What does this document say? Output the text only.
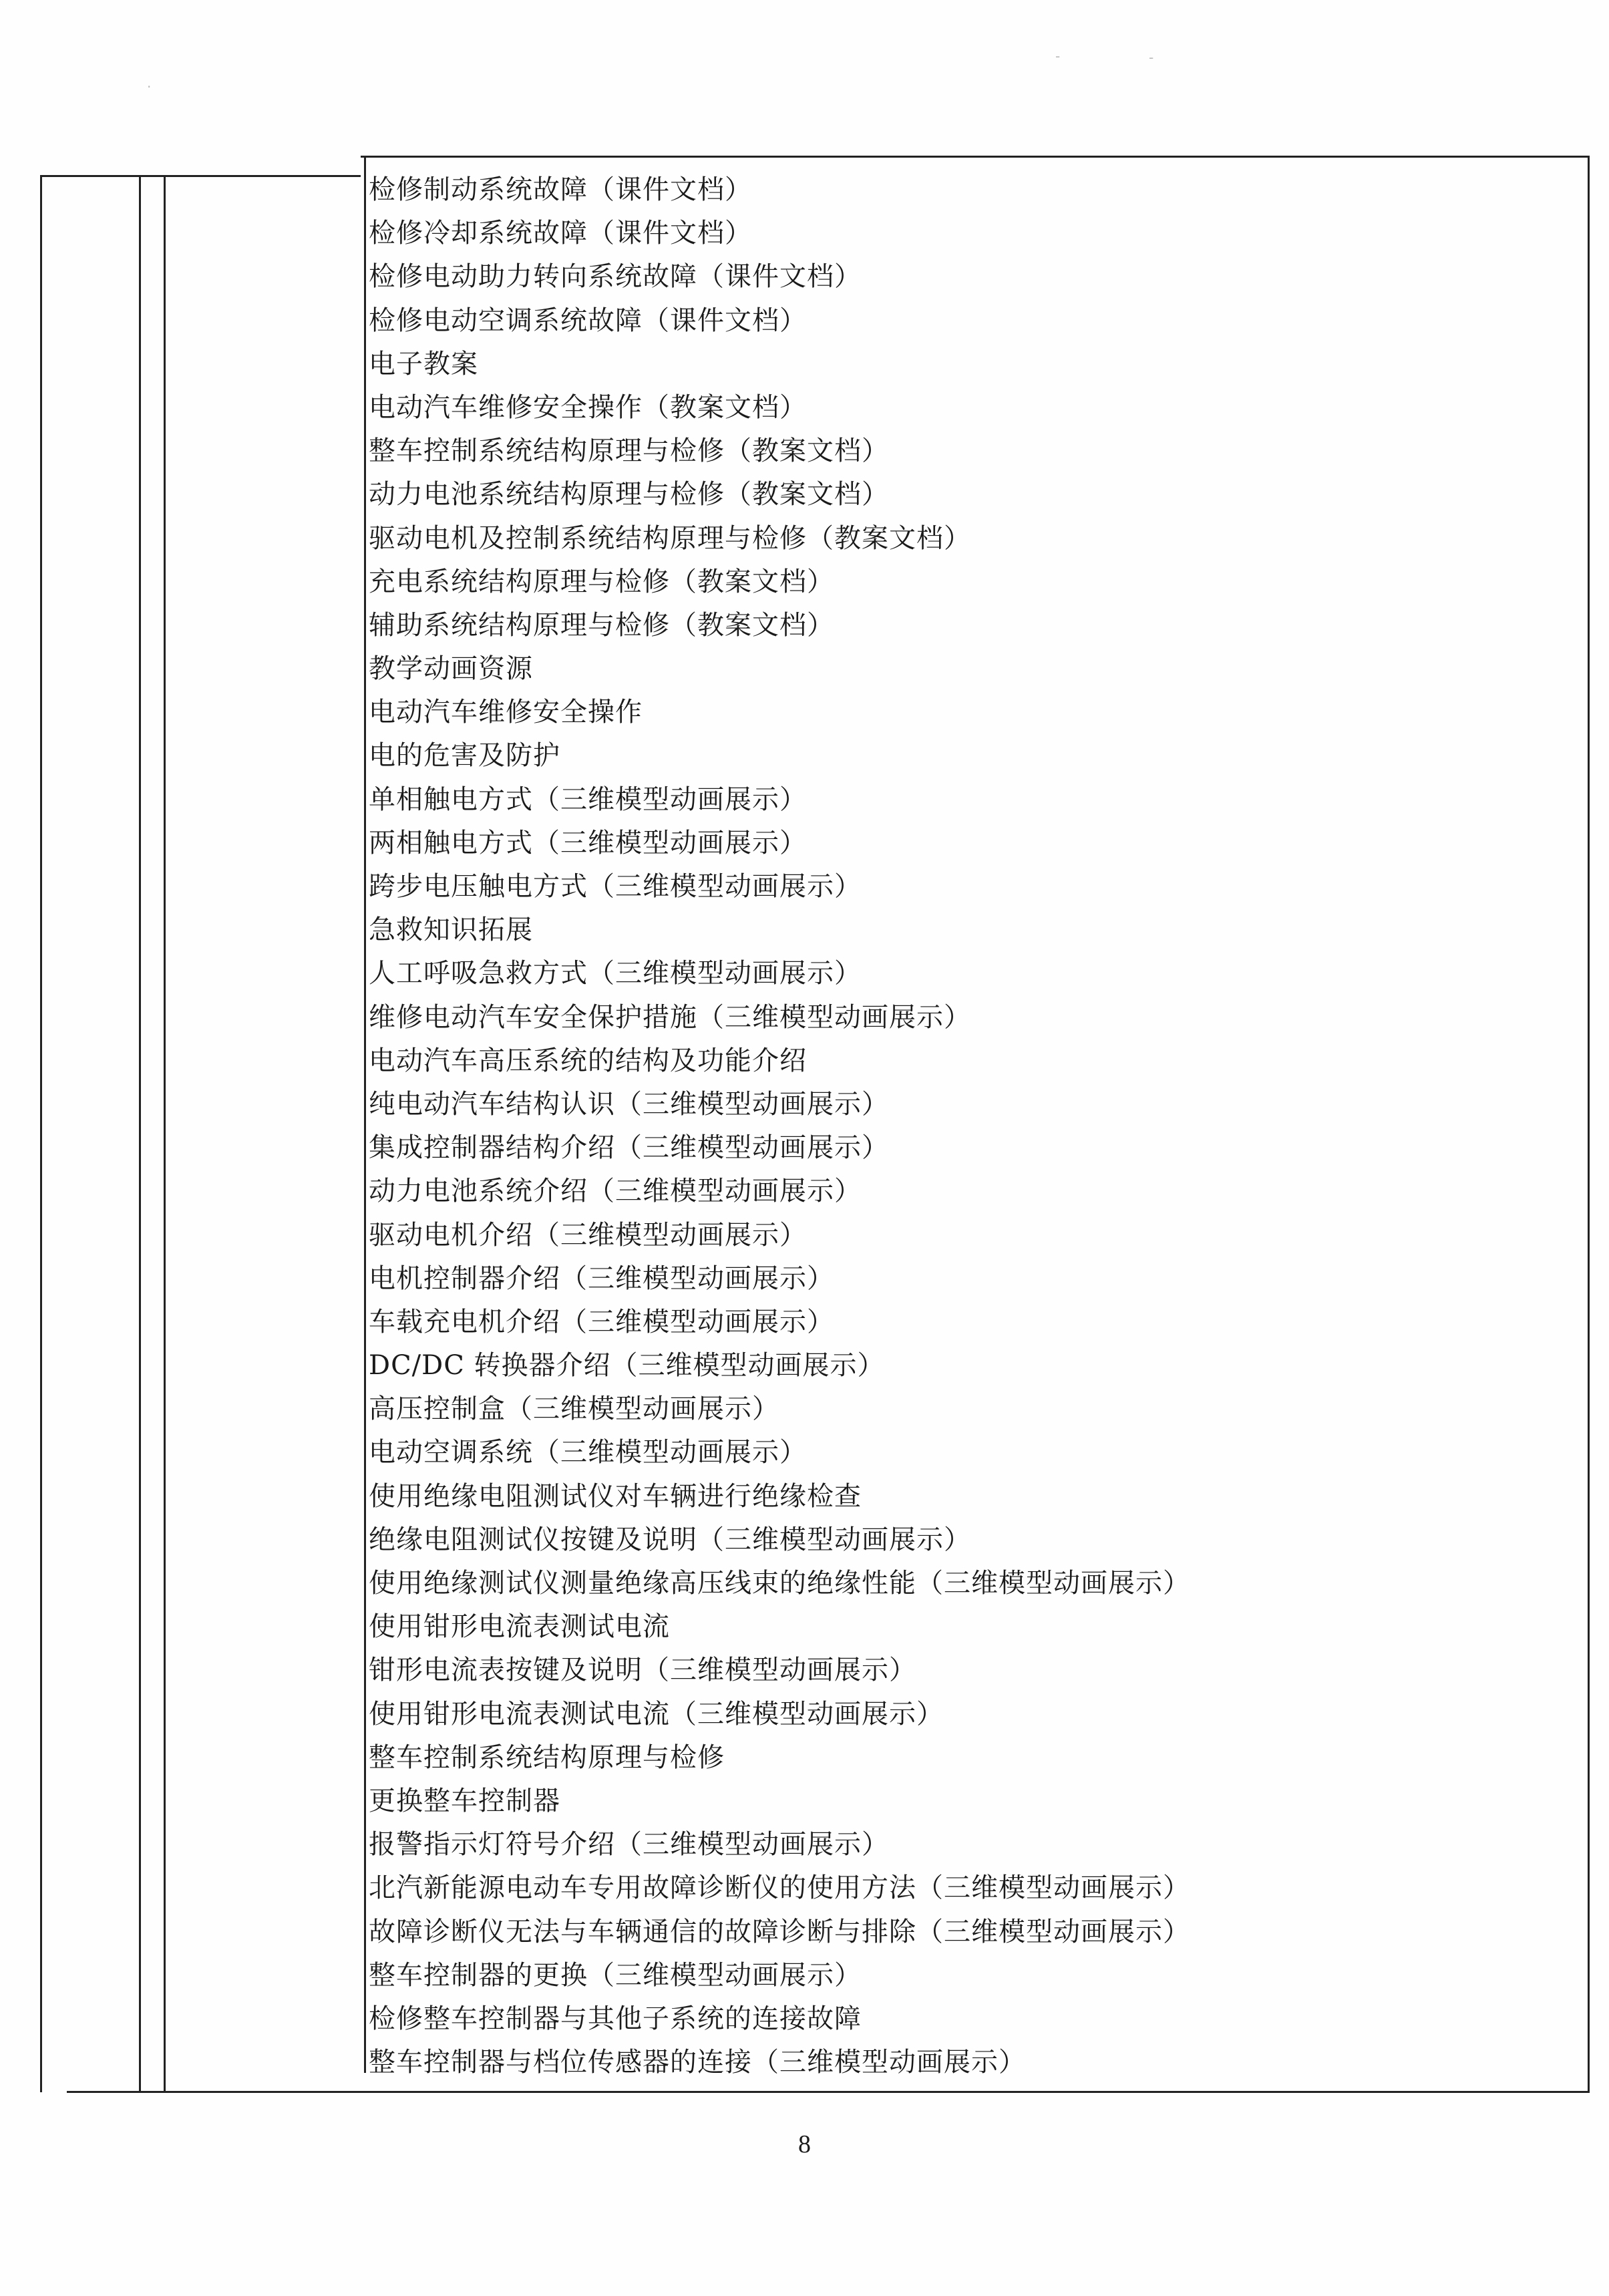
·
-	-
检修制动系统故障（课件文档）
检修冷却系统故障（课件文档）
检修电动助力转向系统故障（课件文档）
检修电动空调系统故障（课件文档）
电子教案
电动汽车维修安全操作（教案文档）
整车控制系统结构原理与检修（教案文档）
动力电池系统结构原理与检修（教案文档）
驱动电机及控制系统结构原理与检修（教案文档）
充电系统结构原理与检修（教案文档）
辅助系统结构原理与检修（教案文档）
教学动画资源
电动汽车维修安全操作
电的危害及防护
单相触电方式（三维模型动画展示）
两相触电方式（三维模型动画展示）
跨步电压触电方式（三维模型动画展示）
急救知识拓展
人工呼吸急救方式（三维模型动画展示）
维修电动汽车安全保护措施（三维模型动画展示）
电动汽车高压系统的结构及功能介绍
纯电动汽车结构认识（三维模型动画展示）
集成控制器结构介绍（三维模型动画展示）
动力电池系统介绍（三维模型动画展示）
驱动电机介绍（三维模型动画展示）
电机控制器介绍（三维模型动画展示）
车载充电机介绍（三维模型动画展示）
DC/DC 转换器介绍（三维模型动画展示）
高压控制盒（三维模型动画展示）
电动空调系统（三维模型动画展示）
使用绝缘电阻测试仪对车辆进行绝缘检查
绝缘电阻测试仪按键及说明（三维模型动画展示）
使用绝缘测试仪测量绝缘高压线束的绝缘性能（三维模型动画展示）
使用钳形电流表测试电流
钳形电流表按键及说明（三维模型动画展示）
使用钳形电流表测试电流（三维模型动画展示）
整车控制系统结构原理与检修
更换整车控制器
报警指示灯符号介绍（三维模型动画展示）
北汽新能源电动车专用故障诊断仪的使用方法（三维模型动画展示）
故障诊断仪无法与车辆通信的故障诊断与排除（三维模型动画展示）
整车控制器的更换（三维模型动画展示）
检修整车控制器与其他子系统的连接故障
整车控制器与档位传感器的连接（三维模型动画展示）
8
